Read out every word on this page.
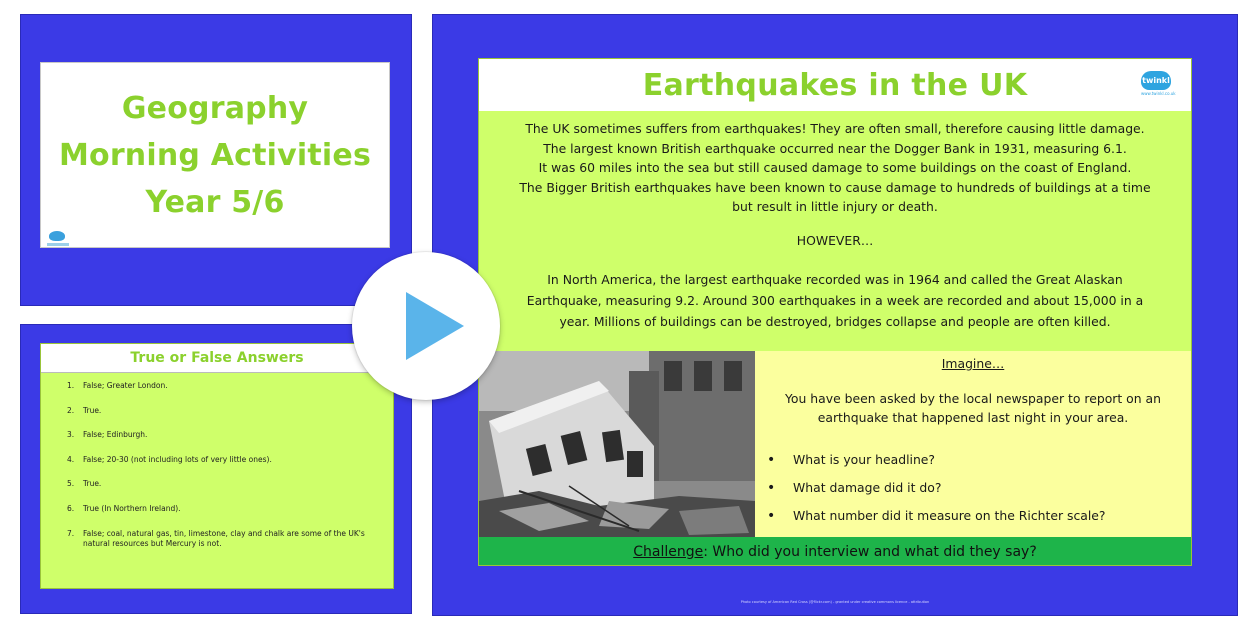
Geography
Morning Activities
Year 5/6
True or False Answers
1. False; Greater London.
2. True.
3. False; Edinburgh.
4. False; 20-30 (not including lots of very little ones).
5. True.
6. True (In Northern Ireland).
7. False; coal, natural gas, tin, limestone, clay and chalk are some of the UK's natural resources but Mercury is not.
Earthquakes in the UK	twinkl
www.twinkl.co.uk

The UK sometimes suffers from earthquakes! They are often small, therefore causing little damage.

The largest known British earthquake occurred near the Dogger Bank in 1931, measuring 6.1.

It was 60 miles into the sea but still caused damage to some buildings on the coast of England.

The Bigger British earthquakes have been known to cause damage to hundreds of buildings at a time

but result in little injury or death.

HOWEVER…

In North America, the largest earthquake recorded was in 1964 and called the Great Alaskan

Earthquake, measuring 9.2. Around 300 earthquakes in a week are recorded and about 15,000 in a

year. Millions of buildings can be destroyed, bridges collapse and people are often killed.

Imagine…
You have been asked by the local newspaper to report on an
earthquake that happened last night in your area.
• What is your headline?
• What damage did it do?
• What number did it measure on the Richter scale?
Challenge : Who did you interview and what did they say?
Photo courtesy of American Red Cross (@flickr.com) - granted under creative commons licence - attribution
